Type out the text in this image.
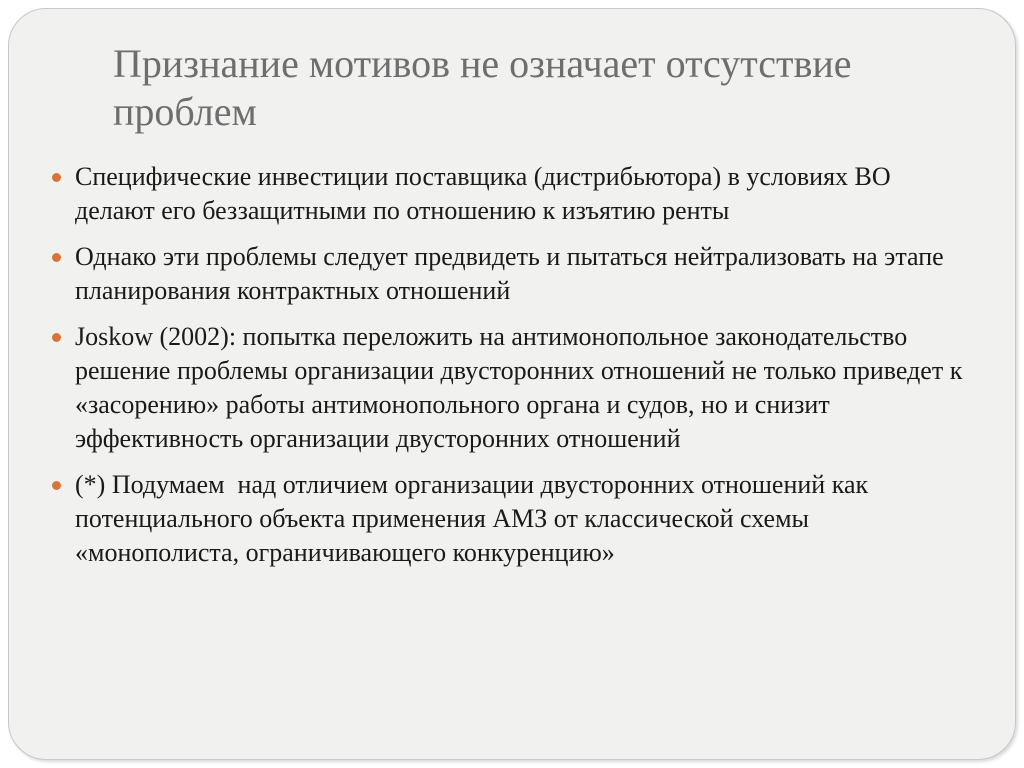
Признание мотивов не означает отсутствие проблем
Специфические инвестиции поставщика (дистрибьютора) в условиях ВО делают его беззащитными по отношению к изъятию ренты
Однако эти проблемы следует предвидеть и пытаться нейтрализовать на этапе планирования контрактных отношений
Joskow (2002): попытка переложить на антимонопольное законодательство решение проблемы организации двусторонних отношений не только приведет к «засорению» работы антимонопольного органа и судов, но и снизит эффективность организации двусторонних отношений
(*) Подумаем  над отличием организации двусторонних отношений как потенциального объекта применения АМЗ от классической схемы «монополиста, ограничивающего конкуренцию»
